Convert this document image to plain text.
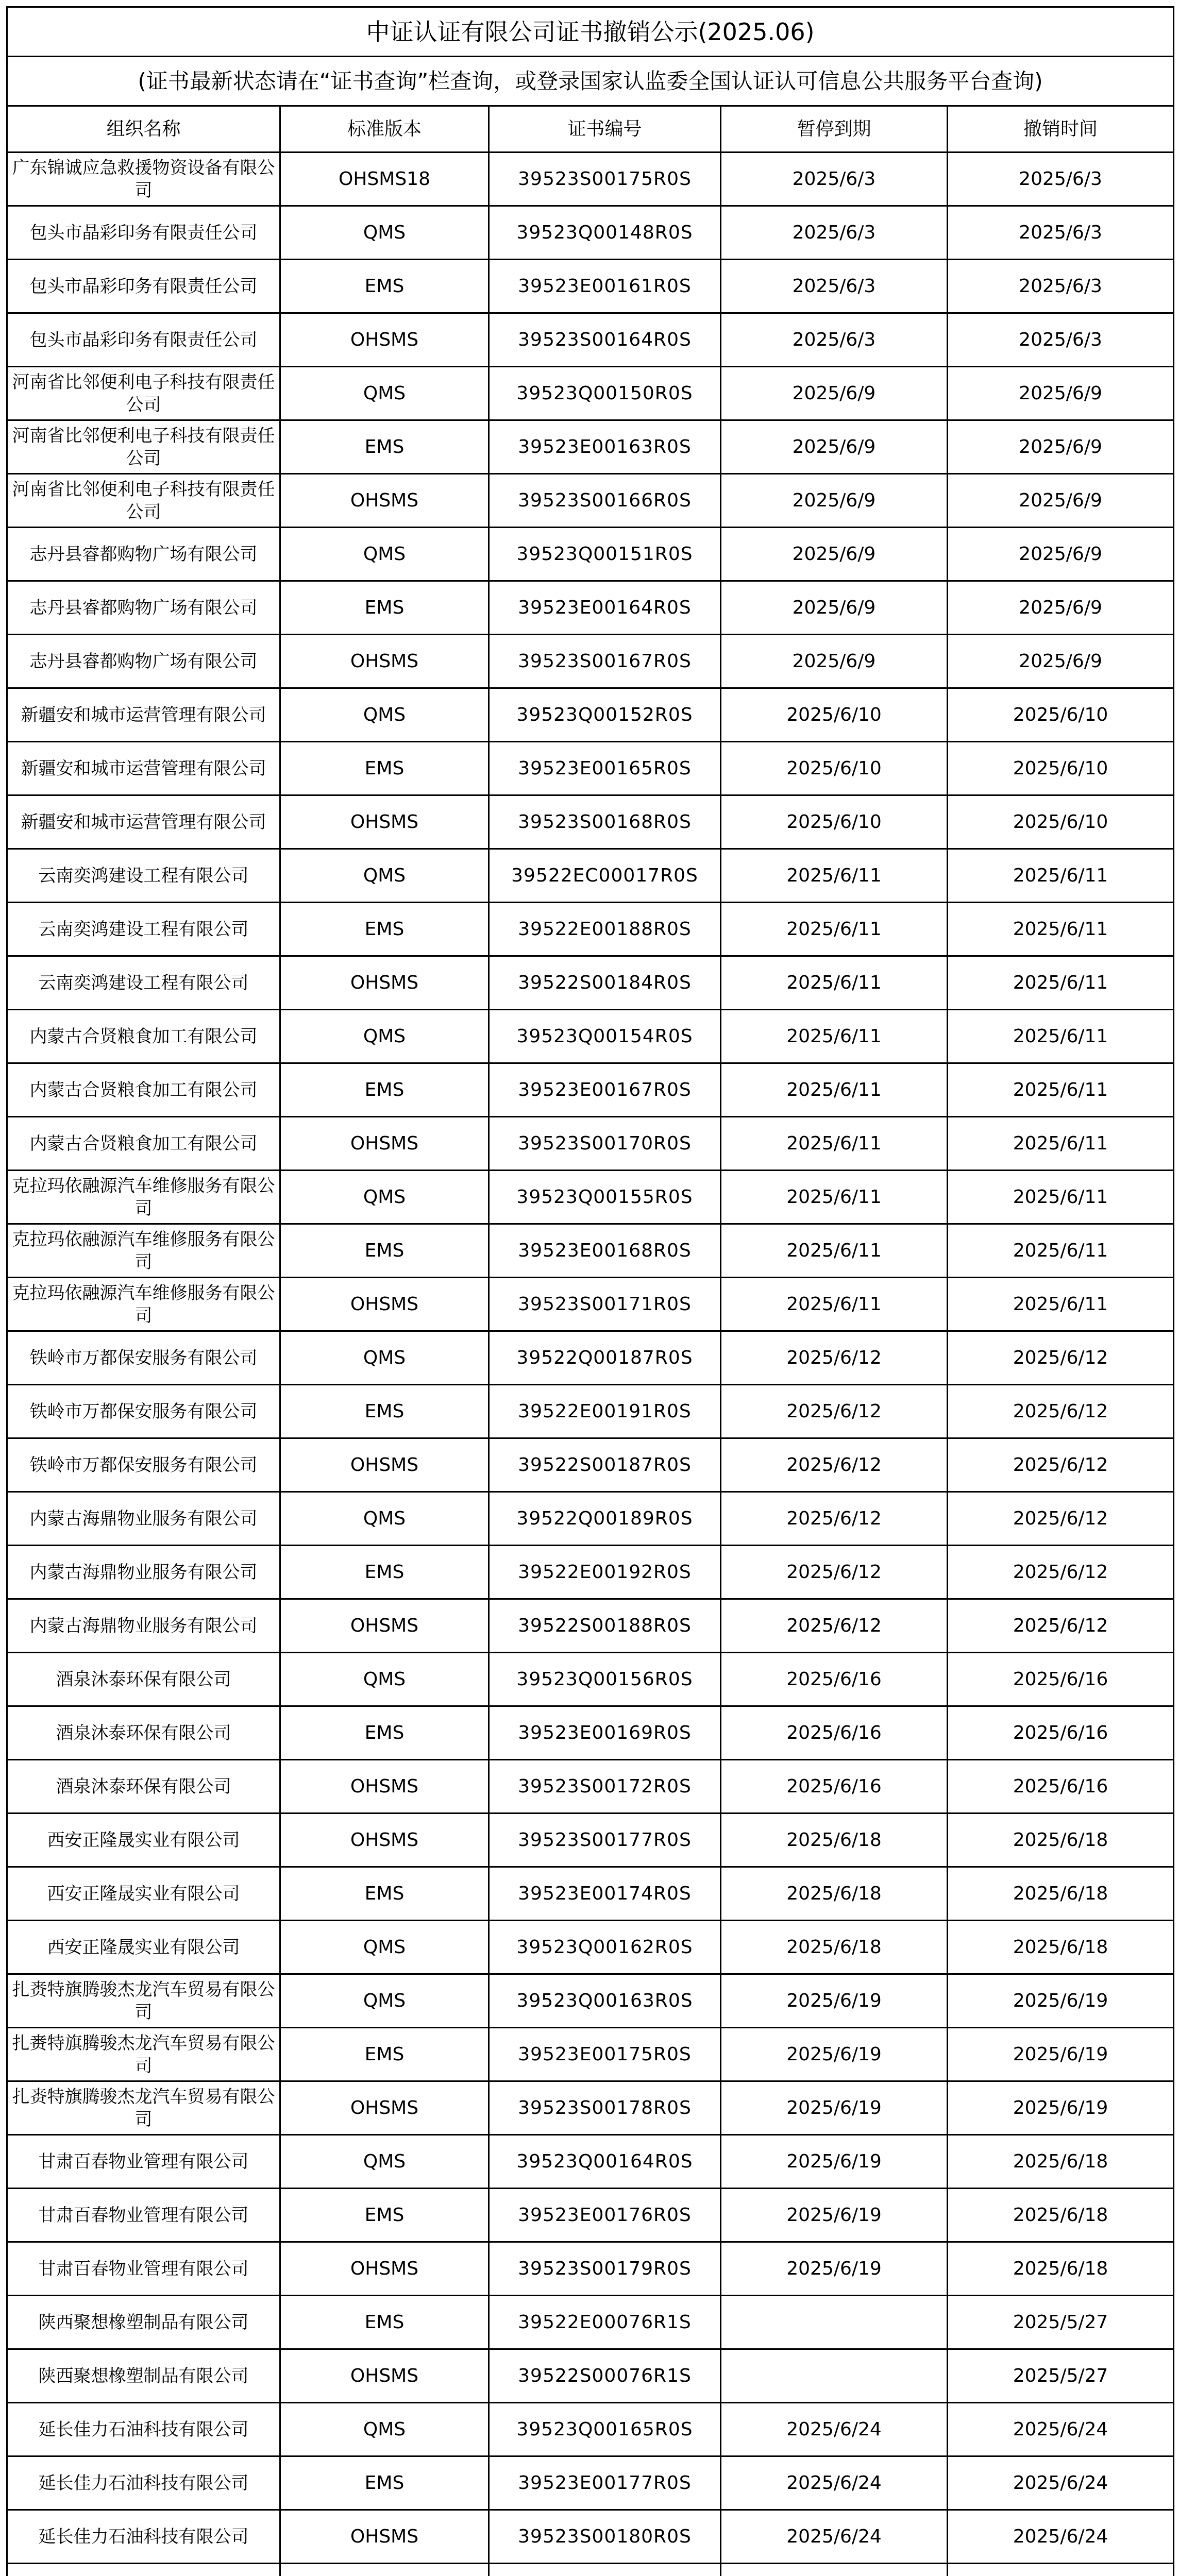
中证认证有限公司证书撤销公示(2025.06)				
(证书最新状态请在“证书查询”栏查询，或登录国家认监委全国认证认可信息公共服务平台查询)				
组织名称	标准版本	证书编号	暂停到期	撤销时间
广东锦诚应急救援物资设备有限公司	OHSMS18	39523S00175R0S	2025/6/3	2025/6/3
包头市晶彩印务有限责任公司	QMS	39523Q00148R0S	2025/6/3	2025/6/3
包头市晶彩印务有限责任公司	EMS	39523E00161R0S	2025/6/3	2025/6/3
包头市晶彩印务有限责任公司	OHSMS	39523S00164R0S	2025/6/3	2025/6/3
河南省比邻便利电子科技有限责任公司	QMS	39523Q00150R0S	2025/6/9	2025/6/9
河南省比邻便利电子科技有限责任公司	EMS	39523E00163R0S	2025/6/9	2025/6/9
河南省比邻便利电子科技有限责任公司	OHSMS	39523S00166R0S	2025/6/9	2025/6/9
志丹县睿都购物广场有限公司	QMS	39523Q00151R0S	2025/6/9	2025/6/9
志丹县睿都购物广场有限公司	EMS	39523E00164R0S	2025/6/9	2025/6/9
志丹县睿都购物广场有限公司	OHSMS	39523S00167R0S	2025/6/9	2025/6/9
新疆安和城市运营管理有限公司	QMS	39523Q00152R0S	2025/6/10	2025/6/10
新疆安和城市运营管理有限公司	EMS	39523E00165R0S	2025/6/10	2025/6/10
新疆安和城市运营管理有限公司	OHSMS	39523S00168R0S	2025/6/10	2025/6/10
云南奕鸿建设工程有限公司	QMS	39522EC00017R0S	2025/6/11	2025/6/11
云南奕鸿建设工程有限公司	EMS	39522E00188R0S	2025/6/11	2025/6/11
云南奕鸿建设工程有限公司	OHSMS	39522S00184R0S	2025/6/11	2025/6/11
内蒙古合贤粮食加工有限公司	QMS	39523Q00154R0S	2025/6/11	2025/6/11
内蒙古合贤粮食加工有限公司	EMS	39523E00167R0S	2025/6/11	2025/6/11
内蒙古合贤粮食加工有限公司	OHSMS	39523S00170R0S	2025/6/11	2025/6/11
克拉玛依融源汽车维修服务有限公司	QMS	39523Q00155R0S	2025/6/11	2025/6/11
克拉玛依融源汽车维修服务有限公司	EMS	39523E00168R0S	2025/6/11	2025/6/11
克拉玛依融源汽车维修服务有限公司	OHSMS	39523S00171R0S	2025/6/11	2025/6/11
铁岭市万都保安服务有限公司	QMS	39522Q00187R0S	2025/6/12	2025/6/12
铁岭市万都保安服务有限公司	EMS	39522E00191R0S	2025/6/12	2025/6/12
铁岭市万都保安服务有限公司	OHSMS	39522S00187R0S	2025/6/12	2025/6/12
内蒙古海鼎物业服务有限公司	QMS	39522Q00189R0S	2025/6/12	2025/6/12
内蒙古海鼎物业服务有限公司	EMS	39522E00192R0S	2025/6/12	2025/6/12
内蒙古海鼎物业服务有限公司	OHSMS	39522S00188R0S	2025/6/12	2025/6/12
酒泉沐泰环保有限公司	QMS	39523Q00156R0S	2025/6/16	2025/6/16
酒泉沐泰环保有限公司	EMS	39523E00169R0S	2025/6/16	2025/6/16
酒泉沐泰环保有限公司	OHSMS	39523S00172R0S	2025/6/16	2025/6/16
西安正隆晟实业有限公司	OHSMS	39523S00177R0S	2025/6/18	2025/6/18
西安正隆晟实业有限公司	EMS	39523E00174R0S	2025/6/18	2025/6/18
西安正隆晟实业有限公司	QMS	39523Q00162R0S	2025/6/18	2025/6/18
扎赉特旗腾骏杰龙汽车贸易有限公司	QMS	39523Q00163R0S	2025/6/19	2025/6/19
扎赉特旗腾骏杰龙汽车贸易有限公司	EMS	39523E00175R0S	2025/6/19	2025/6/19
扎赉特旗腾骏杰龙汽车贸易有限公司	OHSMS	39523S00178R0S	2025/6/19	2025/6/19
甘肃百春物业管理有限公司	QMS	39523Q00164R0S	2025/6/19	2025/6/18
甘肃百春物业管理有限公司	EMS	39523E00176R0S	2025/6/19	2025/6/18
甘肃百春物业管理有限公司	OHSMS	39523S00179R0S	2025/6/19	2025/6/18
陕西聚想橡塑制品有限公司	EMS	39522E00076R1S		2025/5/27
陕西聚想橡塑制品有限公司	OHSMS	39522S00076R1S		2025/5/27
延长佳力石油科技有限公司	QMS	39523Q00165R0S	2025/6/24	2025/6/24
延长佳力石油科技有限公司	EMS	39523E00177R0S	2025/6/24	2025/6/24
延长佳力石油科技有限公司	OHSMS	39523S00180R0S	2025/6/24	2025/6/24
